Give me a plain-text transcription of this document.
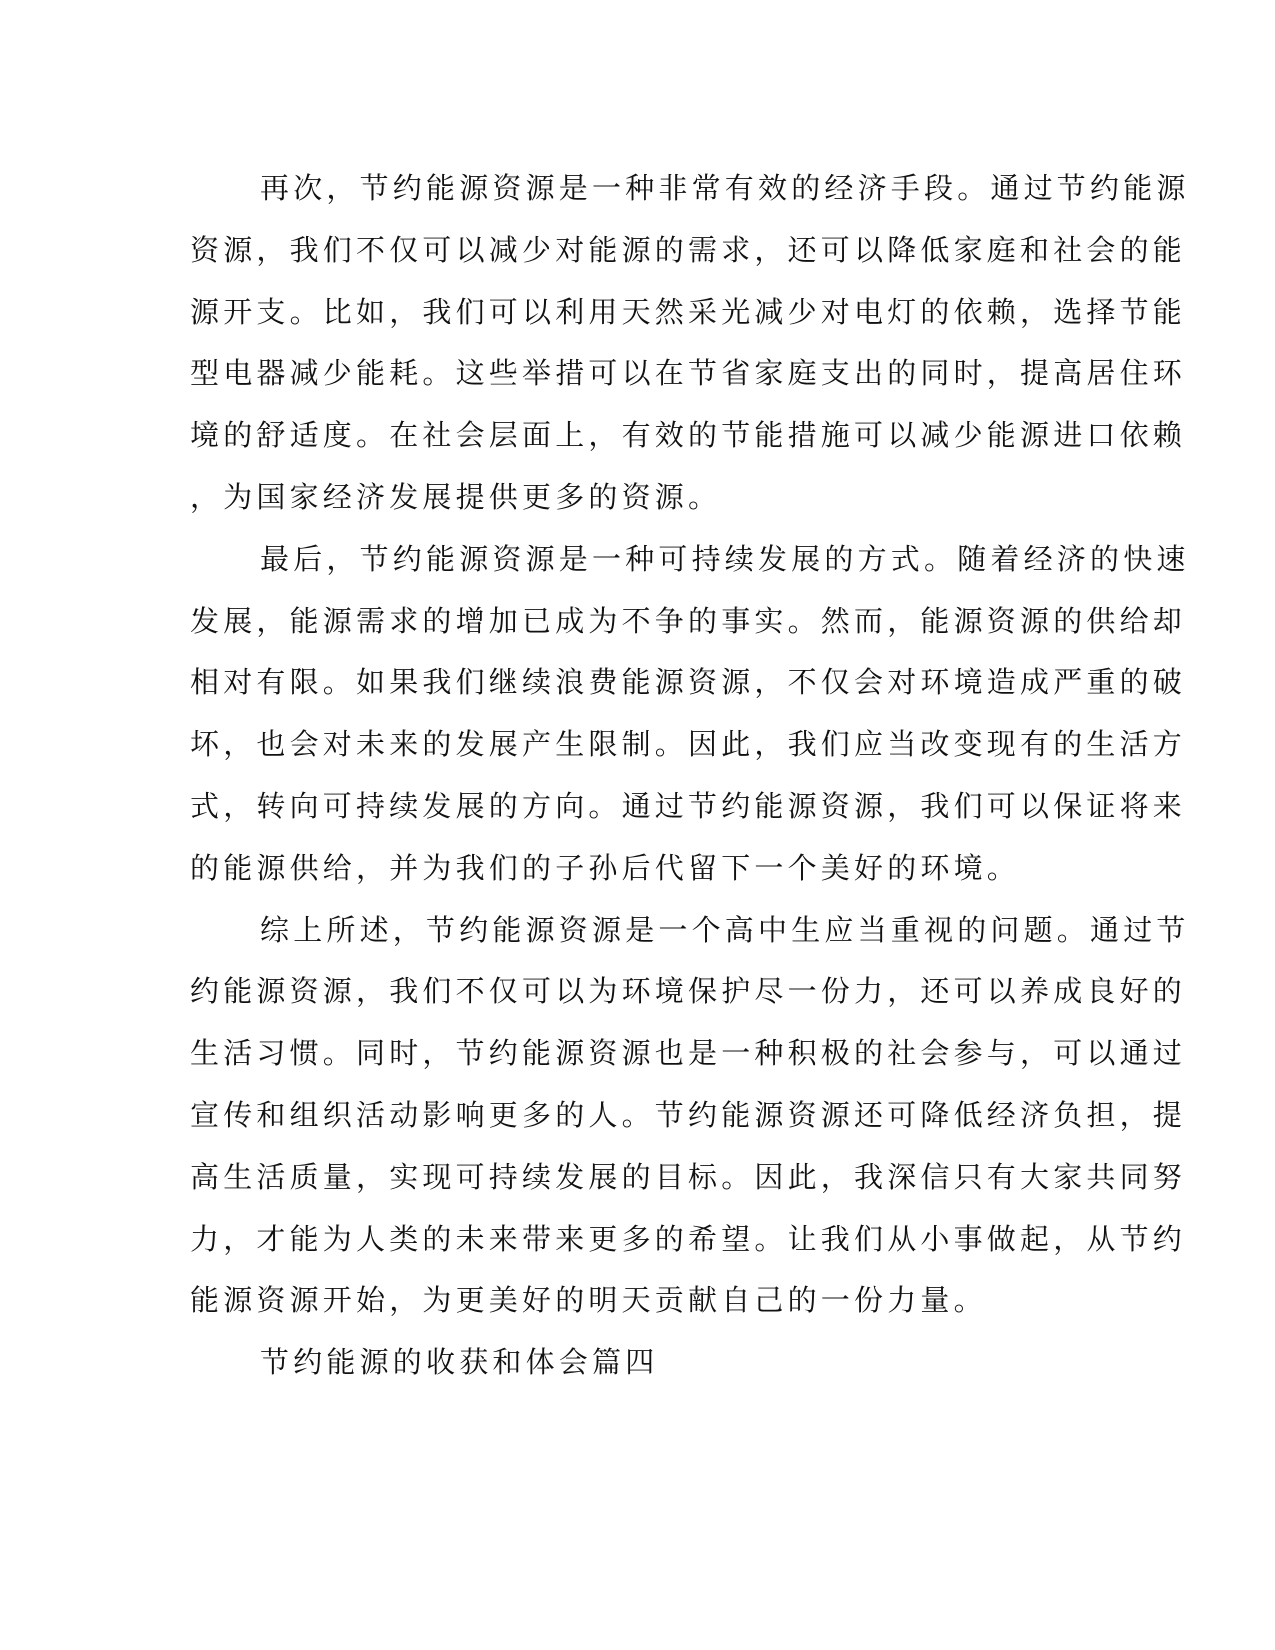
再次，节约能源资源是一种非常有效的经济手段。通过节约能源
资源，我们不仅可以减少对能源的需求，还可以降低家庭和社会的能
源开支。比如，我们可以利用天然采光减少对电灯的依赖，选择节能
型电器减少能耗。这些举措可以在节省家庭支出的同时，提高居住环
境的舒适度。在社会层面上，有效的节能措施可以减少能源进口依赖
，为国家经济发展提供更多的资源。
最后，节约能源资源是一种可持续发展的方式。随着经济的快速
发展，能源需求的增加已成为不争的事实。然而，能源资源的供给却
相对有限。如果我们继续浪费能源资源，不仅会对环境造成严重的破
坏，也会对未来的发展产生限制。因此，我们应当改变现有的生活方
式，转向可持续发展的方向。通过节约能源资源，我们可以保证将来
的能源供给，并为我们的子孙后代留下一个美好的环境。
综上所述，节约能源资源是一个高中生应当重视的问题。通过节
约能源资源，我们不仅可以为环境保护尽一份力，还可以养成良好的
生活习惯。同时，节约能源资源也是一种积极的社会参与，可以通过
宣传和组织活动影响更多的人。节约能源资源还可降低经济负担，提
高生活质量，实现可持续发展的目标。因此，我深信只有大家共同努
力，才能为人类的未来带来更多的希望。让我们从小事做起，从节约
能源资源开始，为更美好的明天贡献自己的一份力量。
节约能源的收获和体会篇四
